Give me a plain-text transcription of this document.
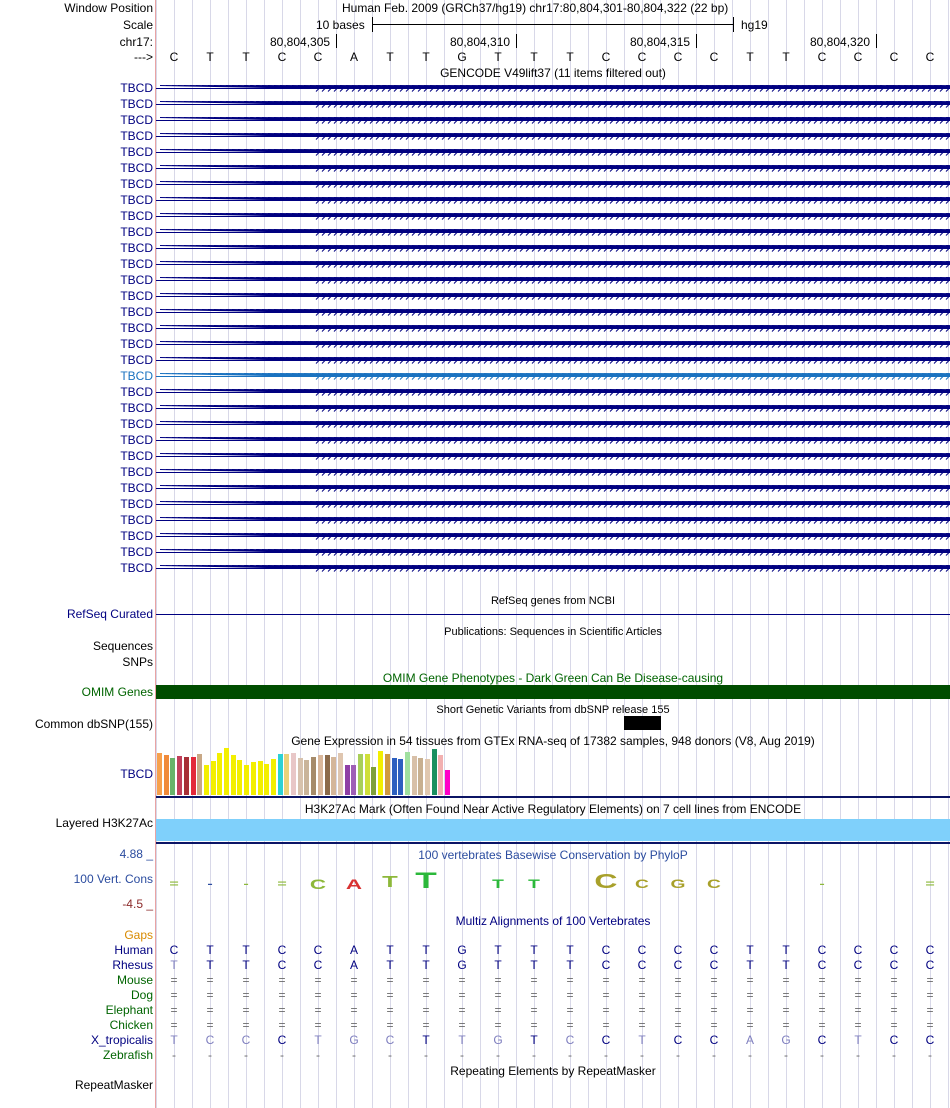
Window Position	Human Feb. 2009 (GRCh37/hg19) chr17:80,804,301-80,804,322 (22 bp)
Scale	10 bases	hg19
chr17:	80,804,305	80,804,310	80,804,315	80,804,320
--->	C	T	T	C	C	A	T	T	G	T	T	T	C	C	C	C	T	T	C	C	C	C
GENCODE V49lift37 (11 items filtered out)
TBCD
TBCD
TBCD
TBCD
TBCD
TBCD
TBCD
TBCD
TBCD
TBCD
TBCD
TBCD
TBCD
TBCD
TBCD
TBCD
TBCD
TBCD
TBCD
TBCD
TBCD
TBCD
TBCD
TBCD
TBCD
TBCD
TBCD
TBCD
TBCD
TBCD
TBCD
RefSeq genes from NCBI
RefSeq Curated
Publications: Sequences in Scientific Articles
Sequences
SNPs
OMIM Gene Phenotypes - Dark Green Can Be Disease-causing
OMIM Genes
Short Genetic Variants from dbSNP release 155
Common dbSNP(155)
Gene Expression in 54 tissues from GTEx RNA-seq of 17382 samples, 948 donors (V8, Aug 2019)
TBCD
H3K27Ac Mark (Often Found Near Active Regulatory Elements) on 7 cell lines from ENCODE
Layered H3K27Ac
100 vertebrates Basewise Conservation by PhyloP
4.88 _
100 Vert. Cons
-4.5 _
=	-	-	=	C	A	T T	T	T	C	C	G	C	-	=
Multiz Alignments of 100 Vertebrates
Gaps
Human	C	T	T	C	C	A	T	T	G	T	T	T	C	C	C	C	T	T	C	C	C	C
Rhesus	T	T	T	C	C	A	T	T	G	T	T	T	C	C	C	C	T	T	C	C	C	C
Mouse	=	=	=	=	=	=	=	=	=	=	=	=	=	=	=	=	=	=	=	=	=	=
Dog	=	=	=	=	=	=	=	=	=	=	=	=	=	=	=	=	=	=	=	=	=	=
Elephant	=	=	=	=	=	=	=	=	=	=	=	=	=	=	=	=	=	=	=	=	=	=
Chicken	=	=	=	=	=	=	=	=	=	=	=	=	=	=	=	=	=	=	=	=	=	=
X_tropicalis	T	C	C	C	T	G	C	T	T	G	T	C	C	T	C	C	A	G	C	T	C	C
Zebrafish	-	-	-	-	-	-	-	-	-	-	-	-	-	-	-	-	-	-	-	-	-	-
Repeating Elements by RepeatMasker
RepeatMasker
